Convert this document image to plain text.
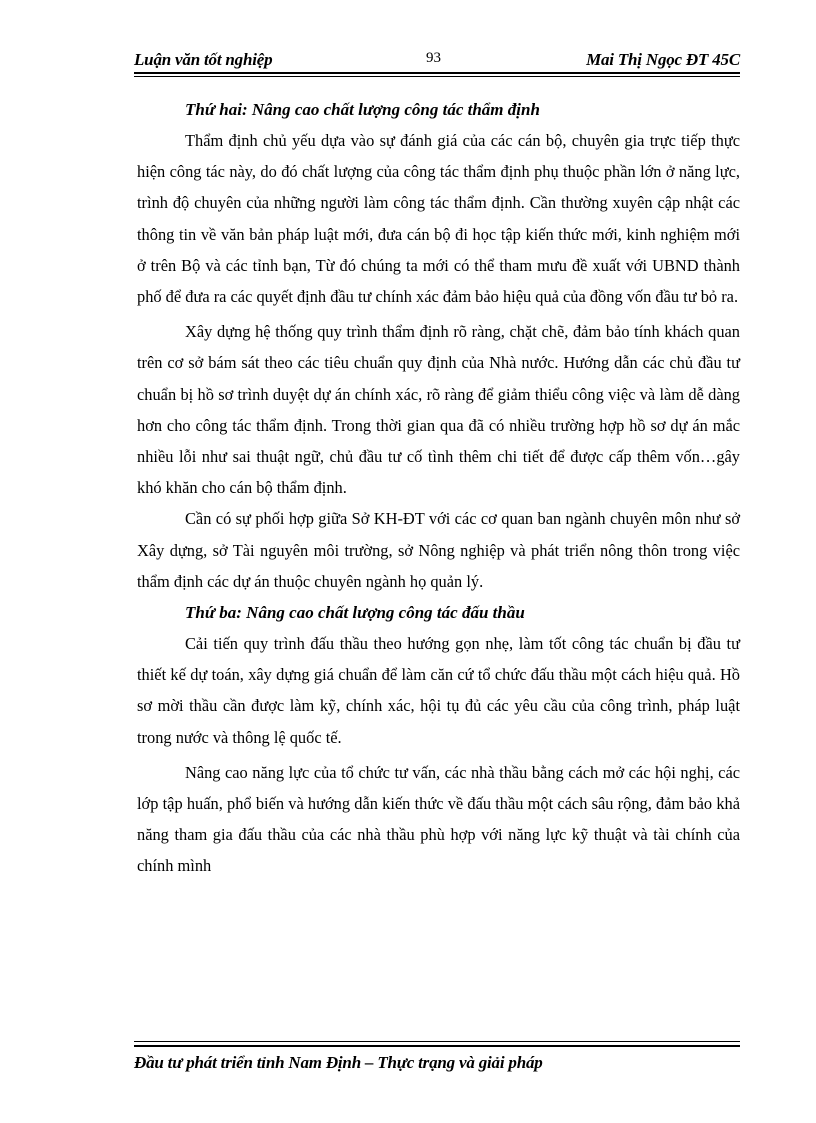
Luận văn tốt nghiệp	93	Mai Thị Ngọc ĐT 45C

Thứ hai: Nâng cao chất lượng công tác thẩm định

Thẩm định chủ yếu dựa vào sự đánh giá của các cán bộ, chuyên gia trực tiếp thực hiện công tác này, do đó chất lượng của công tác thẩm định phụ thuộc phần lớn ở năng lực, trình độ chuyên của những người làm công tác thẩm định. Cần thường xuyên cập nhật các thông tin về văn bản pháp luật mới, đưa cán bộ đi học tập kiến thức mới, kinh nghiệm mới ở trên Bộ và các tỉnh bạn, Từ đó chúng ta mới có thể tham mưu đề xuất với UBND thành phố để đưa ra các quyết định đầu tư chính xác đảm bảo hiệu quả của đồng vốn đầu tư bỏ ra.

Xây dựng hệ thống quy trình thẩm định rõ ràng, chặt chẽ, đảm bảo tính khách quan trên cơ sở bám sát theo các tiêu chuẩn quy định của Nhà nước. Hướng dẫn các chủ đầu tư chuẩn bị hồ sơ trình duyệt dự án chính xác, rõ ràng để giảm thiểu công việc và làm dễ dàng hơn cho công tác thẩm định. Trong thời gian qua đã có nhiều trường hợp hồ sơ dự án mắc nhiều lỗi như sai thuật ngữ, chủ đầu tư cố tình thêm chi tiết để được cấp thêm vốn…gây khó khăn cho cán bộ thẩm định.

Cần có sự phối hợp giữa Sở KH-ĐT với các cơ quan ban ngành chuyên môn như sở Xây dựng, sở Tài nguyên môi trường, sở Nông nghiệp và phát triển nông thôn trong việc thẩm định các dự án thuộc chuyên ngành họ quản lý.

Thứ ba: Nâng cao chất lượng công tác đấu thầu

Cải tiến quy trình đấu thầu theo hướng gọn nhẹ, làm tốt công tác chuẩn bị đầu tư thiết kế dự toán, xây dựng giá chuẩn để làm căn cứ tổ chức đấu thầu một cách hiệu quả. Hồ sơ mời thầu cần được làm kỹ, chính xác, hội tụ đủ các yêu cầu của công trình, pháp luật trong nước và thông lệ quốc tế.

Nâng cao năng lực của tổ chức tư vấn, các nhà thầu bằng cách mở các hội nghị, các lớp tập huấn, phổ biến và hướng dẫn kiến thức về đấu thầu một cách sâu rộng, đảm bảo khả năng tham gia đấu thầu của các nhà thầu phù hợp với năng lực kỹ thuật và tài chính của chính mình

Đầu tư phát triển tỉnh Nam Định – Thực trạng và giải pháp
